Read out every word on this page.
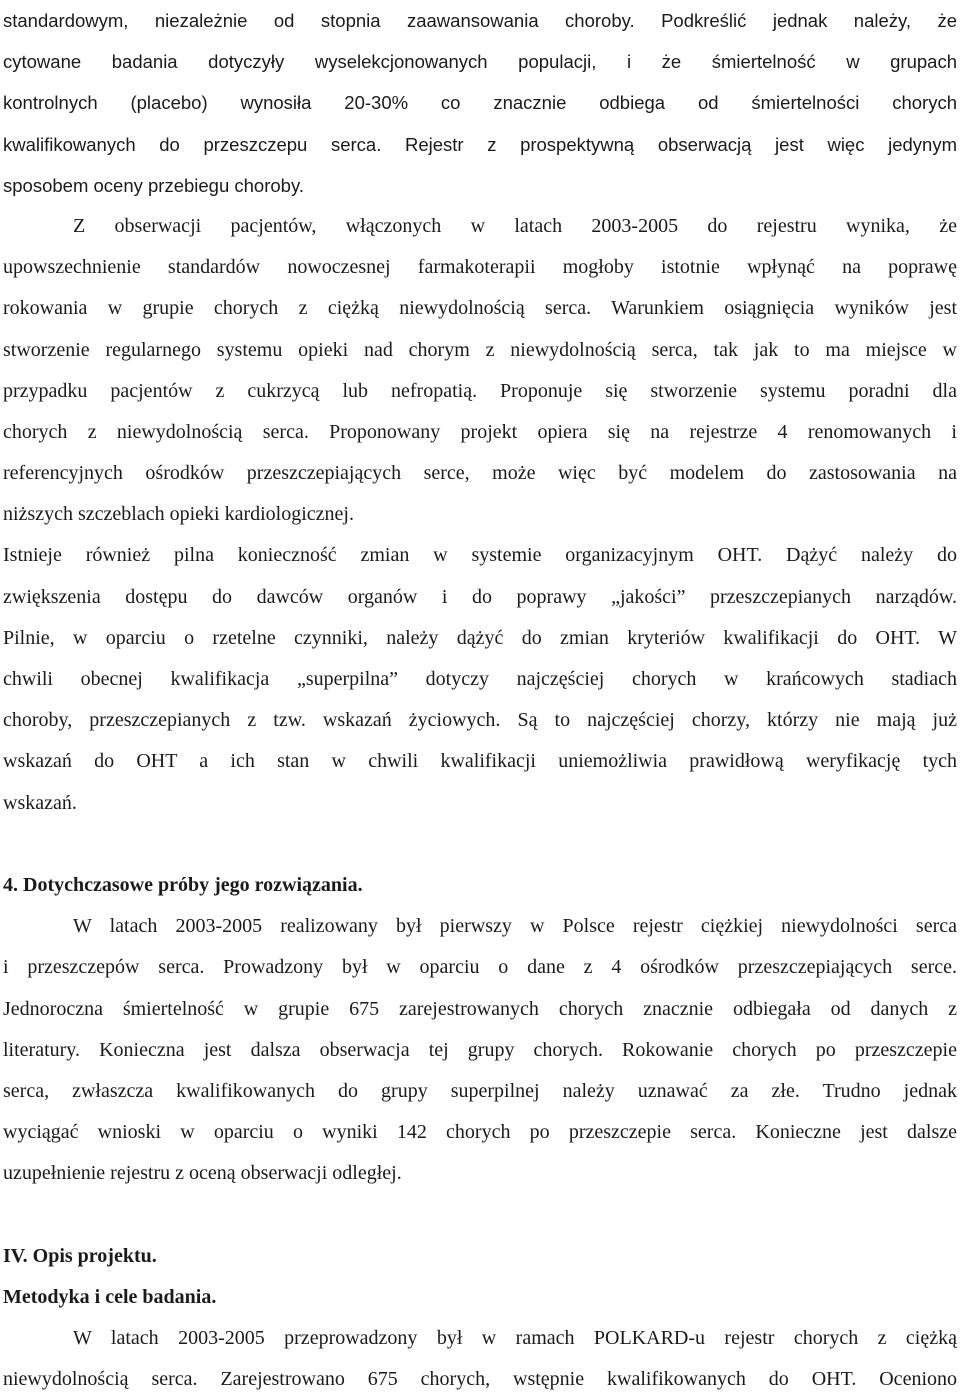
standardowym, niezależnie od stopnia zaawansowania choroby. Podkreślić jednak należy, że
cytowane badania dotyczyły wyselekcjonowanych populacji, i że śmiertelność w grupach
kontrolnych (placebo) wynosiła 20-30% co znacznie odbiega od śmiertelności chorych
kwalifikowanych do przeszczepu serca. Rejestr z prospektywną obserwacją jest więc jedynym
sposobem oceny przebiegu choroby.
Z obserwacji pacjentów, włączonych w latach 2003-2005 do rejestru wynika, że
upowszechnienie standardów nowoczesnej farmakoterapii mogłoby istotnie wpłynąć na poprawę
rokowania w grupie chorych z ciężką niewydolnością serca. Warunkiem osiągnięcia wyników jest
stworzenie regularnego systemu opieki nad chorym z niewydolnością serca, tak jak to ma miejsce w
przypadku pacjentów z cukrzycą lub nefropatią. Proponuje się stworzenie systemu poradni dla
chorych z niewydolnością serca. Proponowany projekt opiera się na rejestrze 4 renomowanych i
referencyjnych ośrodków przeszczepiających serce, może więc być modelem do zastosowania na
niższych szczeblach opieki kardiologicznej.
Istnieje również pilna konieczność zmian w systemie organizacyjnym OHT. Dążyć należy do
zwiększenia dostępu do dawców organów i do poprawy „jakości” przeszczepianych narządów.
Pilnie, w oparciu o rzetelne czynniki, należy dążyć do zmian kryteriów kwalifikacji do OHT. W
chwili obecnej kwalifikacja „superpilna” dotyczy najczęściej chorych w krańcowych stadiach
choroby, przeszczepianych z tzw. wskazań życiowych. Są to najczęściej chorzy, którzy nie mają już
wskazań do OHT a ich stan w chwili kwalifikacji uniemożliwia prawidłową weryfikację tych
wskazań.
4. Dotychczasowe próby jego rozwiązania.
W latach 2003-2005 realizowany był pierwszy w Polsce rejestr ciężkiej niewydolności serca
i przeszczepów serca. Prowadzony był w oparciu o dane z 4 ośrodków przeszczepiających serce.
Jednoroczna śmiertelność w grupie 675 zarejestrowanych chorych znacznie odbiegała od danych z
literatury. Konieczna jest dalsza obserwacja tej grupy chorych. Rokowanie chorych po przeszczepie
serca, zwłaszcza kwalifikowanych do grupy superpilnej należy uznawać za złe. Trudno jednak
wyciągać wnioski w oparciu o wyniki 142 chorych po przeszczepie serca. Konieczne jest dalsze
uzupełnienie rejestru z oceną obserwacji odległej.
IV. Opis projektu.
Metodyka i cele badania.
W latach 2003-2005 przeprowadzony był w ramach POLKARD-u rejestr chorych z ciężką
niewydolnością serca. Zarejestrowano 675 chorych, wstępnie kwalifikowanych do OHT. Oceniono
